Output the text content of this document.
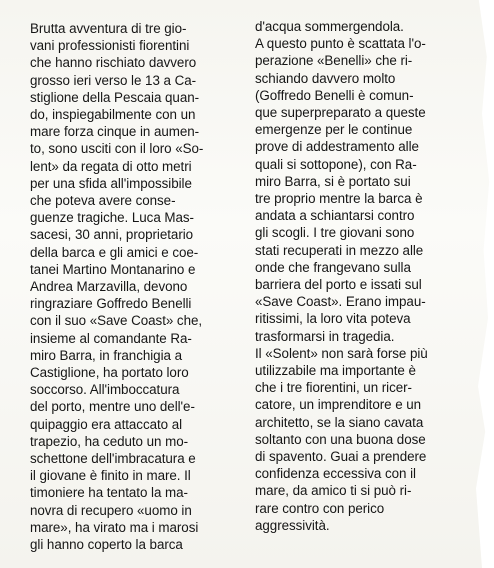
Brutta avventura di tre gio-
vani professionisti fiorentini
che hanno rischiato davvero
grosso ieri verso le 13 a Ca-
stiglione della Pescaia quan-
do, inspiegabilmente con un
mare forza cinque in aumen-
to, sono usciti con il loro «So-
lent» da regata di otto metri
per una sfida all'impossibile
che poteva avere conse-
guenze tragiche. Luca Mas-
sacesi, 30 anni, proprietario
della barca e gli amici e coe-
tanei Martino Montanarino e
Andrea Marzavilla, devono
ringraziare Goffredo Benelli
con il suo «Save Coast» che,
insieme al comandante Ra-
miro Barra, in franchigia a
Castiglione, ha portato loro
soccorso. All'imboccatura
del porto, mentre uno dell'e-
quipaggio era attaccato al
trapezio, ha ceduto un mo-
schettone dell'imbracatura e
il giovane è finito in mare. Il
timoniere ha tentato la ma-
novra di recupero «uomo in
mare», ha virato ma i marosi
gli hanno coperto la barca
d'acqua sommergendola.
A questo punto è scattata l'o-
perazione «Benelli» che ri-
schiando davvero molto
(Goffredo Benelli è comun-
que superpreparato a queste
emergenze per le continue
prove di addestramento alle
quali si sottopone), con Ra-
miro Barra, si è portato sui
tre proprio mentre la barca è
andata a schiantarsi contro
gli scogli. I tre giovani sono
stati recuperati in mezzo alle
onde che frangevano sulla
barriera del porto e issati sul
«Save Coast». Erano impau-
ritissimi, la loro vita poteva
trasformarsi in tragedia.
Il «Solent» non sarà forse più
utilizzabile ma importante è
che i tre fiorentini, un ricer-
catore, un imprenditore e un
architetto, se la siano cavata
soltanto con una buona dose
di spavento. Guai a prendere
confidenza eccessiva con il
mare, da amico ti si può ri-
rare contro con perico
aggressività.
